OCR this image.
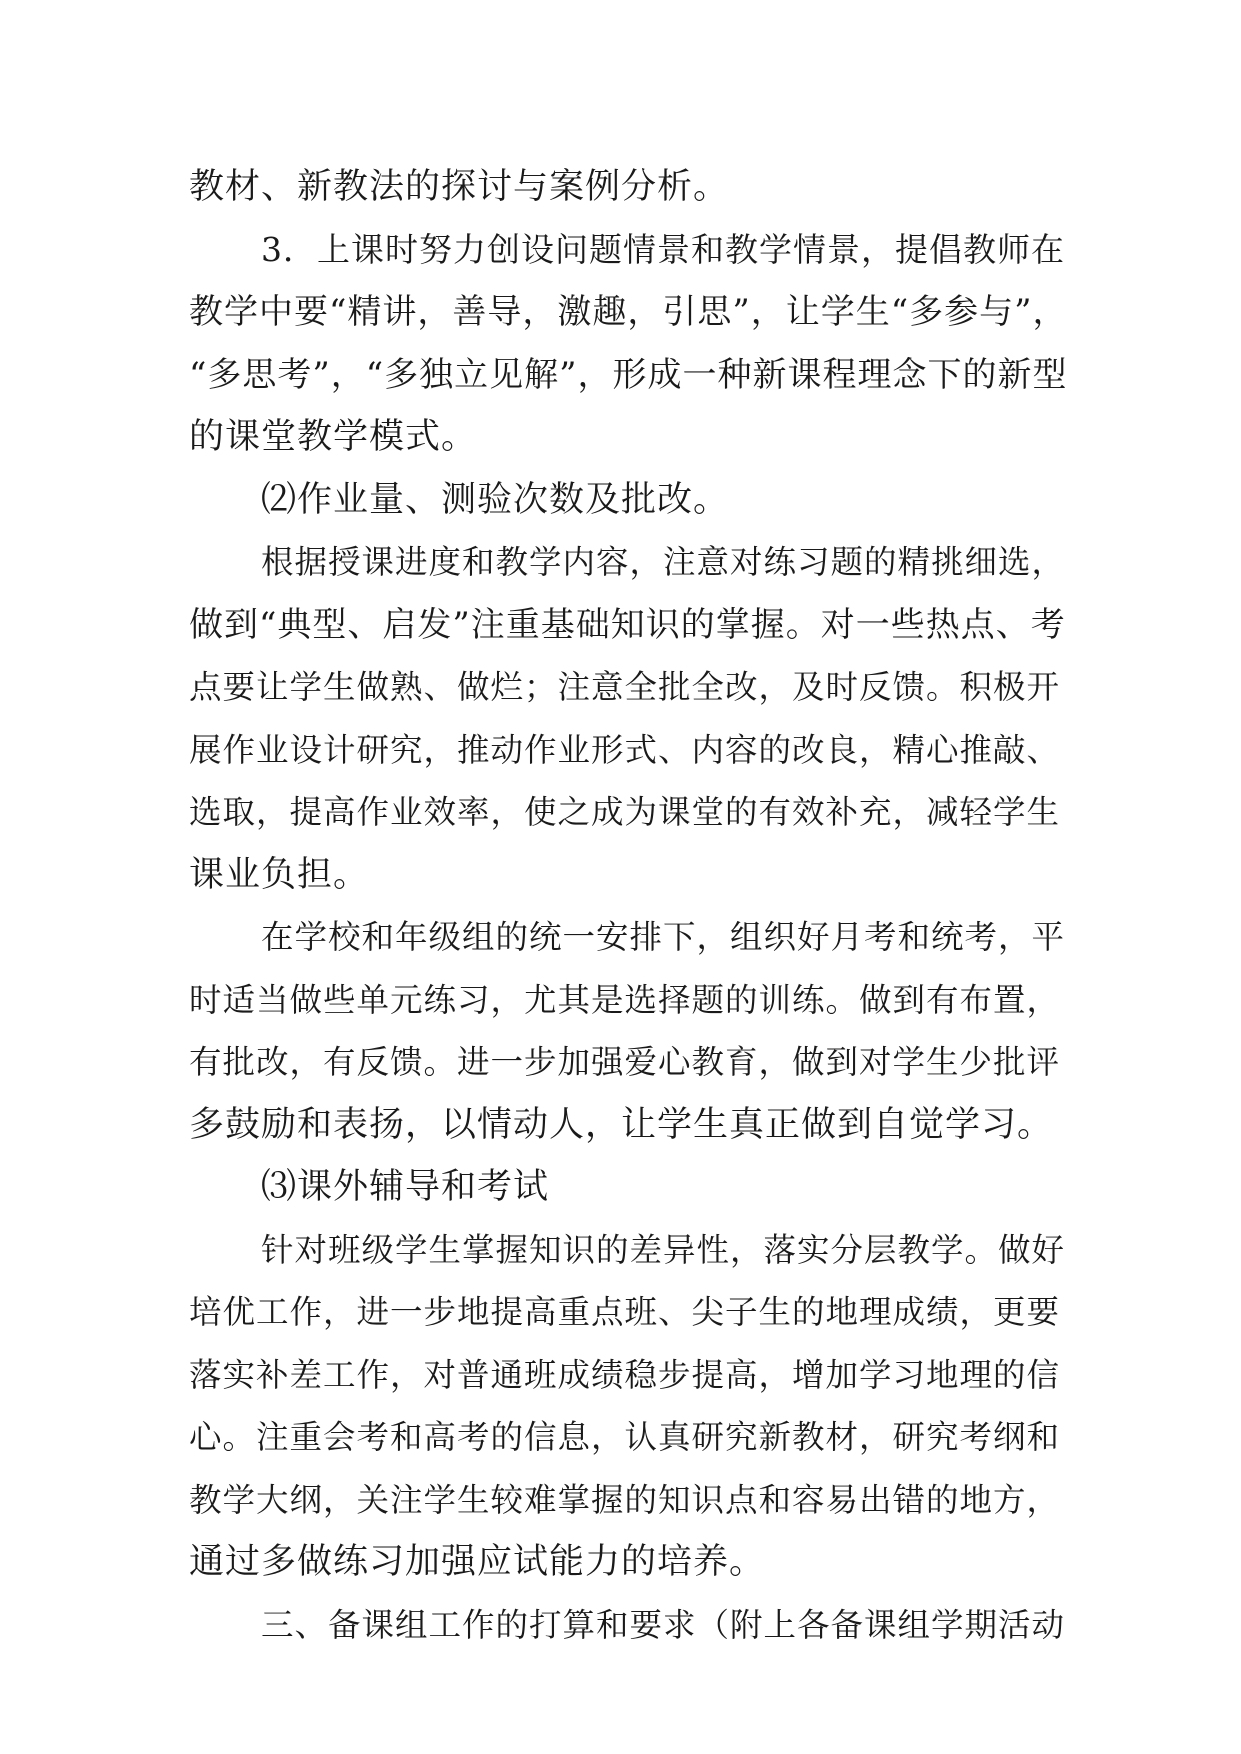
教材、新教法的探讨与案例分析。
3．上课时努力创设问题情景和教学情景，提倡教师在
教学中要“精讲，善导，激趣，引思”，让学生“多参与”，
“多思考”，“多独立见解”，形成一种新课程理念下的新型
的课堂教学模式。
⑵作业量、测验次数及批改。
根据授课进度和教学内容，注意对练习题的精挑细选，
做到“典型、启发”注重基础知识的掌握。对一些热点、考
点要让学生做熟、做烂；注意全批全改，及时反馈。积极开
展作业设计研究，推动作业形式、内容的改良，精心推敲、
选取，提高作业效率，使之成为课堂的有效补充，减轻学生
课业负担。
在学校和年级组的统一安排下，组织好月考和统考，平
时适当做些单元练习，尤其是选择题的训练。做到有布置，
有批改，有反馈。进一步加强爱心教育，做到对学生少批评
多鼓励和表扬，以情动人，让学生真正做到自觉学习。
⑶课外辅导和考试
针对班级学生掌握知识的差异性，落实分层教学。做好
培优工作，进一步地提高重点班、尖子生的地理成绩，更要
落实补差工作，对普通班成绩稳步提高，增加学习地理的信
心。注重会考和高考的信息，认真研究新教材，研究考纲和
教学大纲，关注学生较难掌握的知识点和容易出错的地方，
通过多做练习加强应试能力的培养。
三、备课组工作的打算和要求（附上各备课组学期活动
